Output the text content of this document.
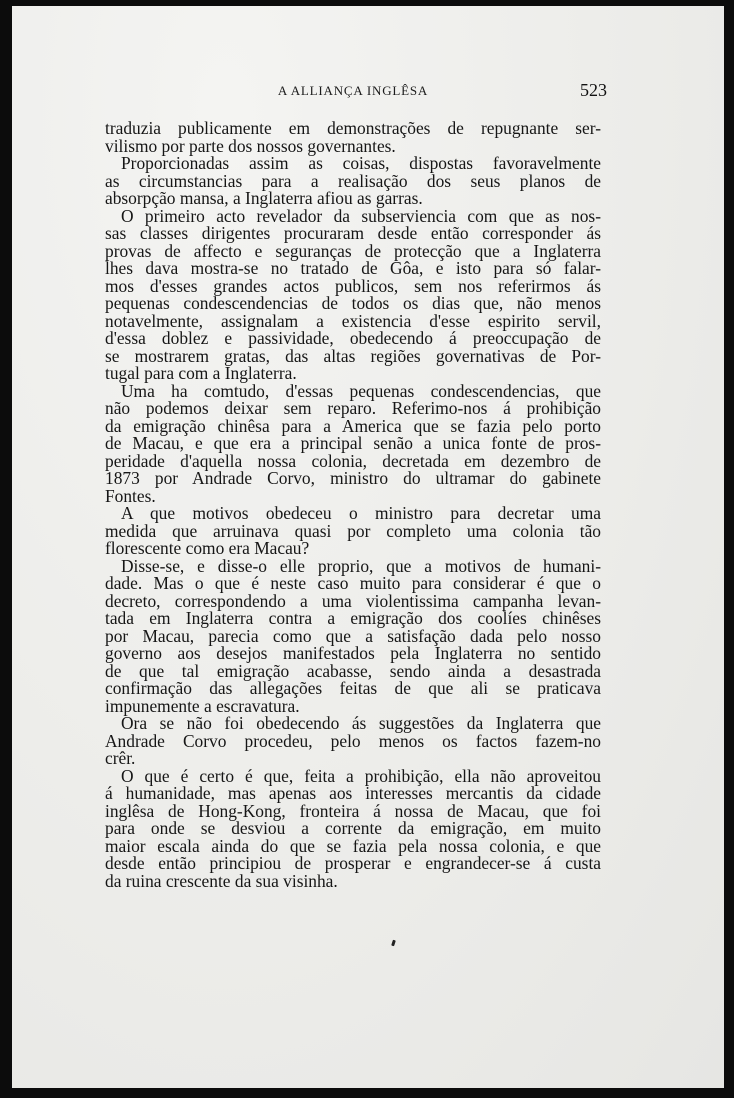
A ALLIANÇA INGLÊSA	523
traduzia publicamente em demonstrações de repugnante ser-
vilismo por parte dos nossos governantes.
Proporcionadas assim as coisas, dispostas favoravelmente
as circumstancias para a realisação dos seus planos de
absorpção mansa, a Inglaterra afiou as garras.
O primeiro acto revelador da subserviencia com que as nos-
sas classes dirigentes procuraram desde então corresponder ás
provas de affecto e seguranças de protecção que a Inglaterra
lhes dava mostra-se no tratado de Gôa, e isto para só falar-
mos d'esses grandes actos publicos, sem nos referirmos ás
pequenas condescendencias de todos os dias que, não menos
notavelmente, assignalam a existencia d'esse espirito servil,
d'essa doblez e passividade, obedecendo á preoccupação de
se mostrarem gratas, das altas regiões governativas de Por-
tugal para com a Inglaterra.
Uma ha comtudo, d'essas pequenas condescendencias, que
não podemos deixar sem reparo. Referimo-nos á prohibição
da emigração chinêsa para a America que se fazia pelo porto
de Macau, e que era a principal senão a unica fonte de pros-
peridade d'aquella nossa colonia, decretada em dezembro de
1873 por Andrade Corvo, ministro do ultramar do gabinete
Fontes.
A que motivos obedeceu o ministro para decretar uma
medida que arruinava quasi por completo uma colonia tão
florescente como era Macau?
Disse-se, e disse-o elle proprio, que a motivos de humani-
dade. Mas o que é neste caso muito para considerar é que o
decreto, correspondendo a uma violentissima campanha levan-
tada em Inglaterra contra a emigração dos coolíes chinêses
por Macau, parecia como que a satisfação dada pelo nosso
governo aos desejos manifestados pela Inglaterra no sentido
de que tal emigração acabasse, sendo ainda a desastrada
confirmação das allegações feitas de que ali se praticava
impunemente a escravatura.
Ora se não foi obedecendo ás suggestões da Inglaterra que
Andrade Corvo procedeu, pelo menos os factos fazem-no
crêr.
O que é certo é que, feita a prohibição, ella não aproveitou
á humanidade, mas apenas aos interesses mercantis da cidade
inglêsa de Hong-Kong, fronteira á nossa de Macau, que foi
para onde se desviou a corrente da emigração, em muito
maior escala ainda do que se fazia pela nossa colonia, e que
desde então principiou de prosperar e engrandecer-se á custa
da ruina crescente da sua visinha.
